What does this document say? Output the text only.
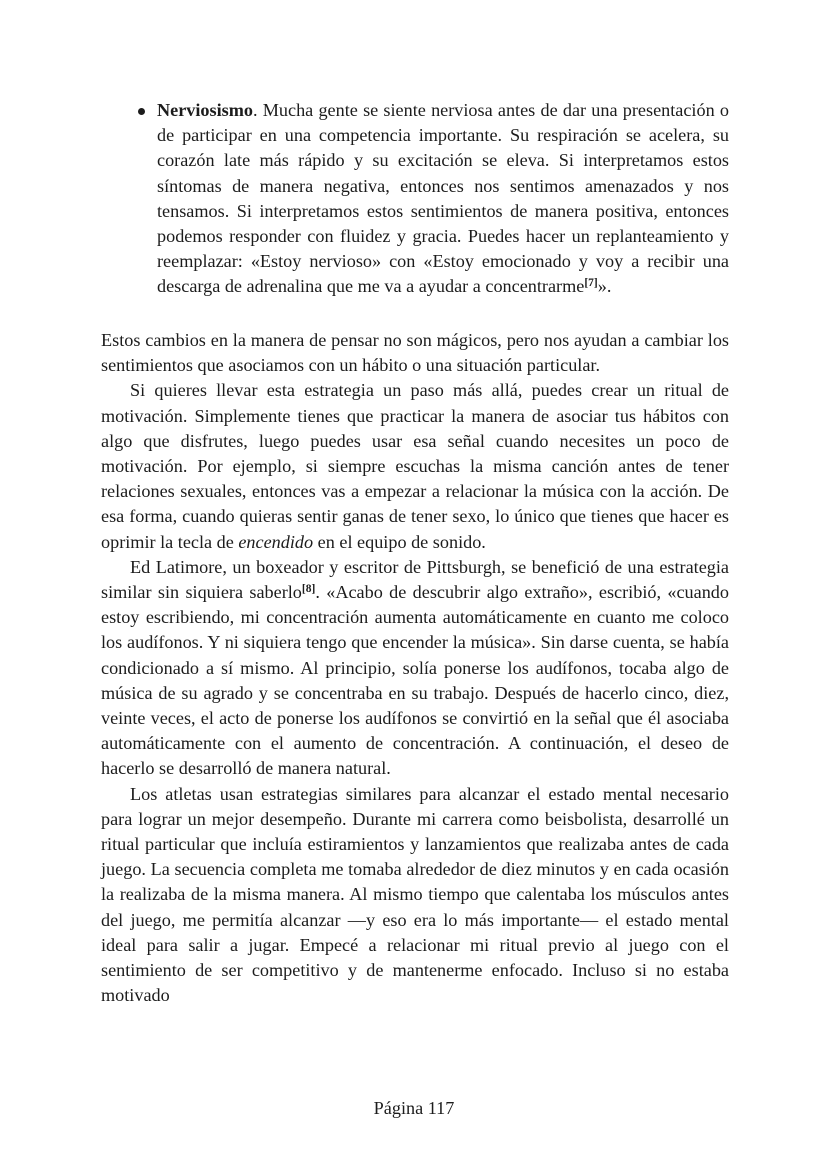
Nerviosismo. Mucha gente se siente nerviosa antes de dar una presentación o de participar en una competencia importante. Su respiración se acelera, su corazón late más rápido y su excitación se eleva. Si interpretamos estos síntomas de manera negativa, entonces nos sentimos amenazados y nos tensamos. Si interpretamos estos sentimientos de manera positiva, entonces podemos responder con fluidez y gracia. Puedes hacer un replanteamiento y reemplazar: «Estoy nervioso» con «Estoy emocionado y voy a recibir una descarga de adrenalina que me va a ayudar a concentrarme[7]».

Estos cambios en la manera de pensar no son mágicos, pero nos ayudan a cambiar los sentimientos que asociamos con un hábito o una situación particular.

Si quieres llevar esta estrategia un paso más allá, puedes crear un ritual de motivación. Simplemente tienes que practicar la manera de asociar tus hábitos con algo que disfrutes, luego puedes usar esa señal cuando necesites un poco de motivación. Por ejemplo, si siempre escuchas la misma canción antes de tener relaciones sexuales, entonces vas a empezar a relacionar la música con la acción. De esa forma, cuando quieras sentir ganas de tener sexo, lo único que tienes que hacer es oprimir la tecla de encendido en el equipo de sonido.

Ed Latimore, un boxeador y escritor de Pittsburgh, se benefició de una estrategia similar sin siquiera saberlo[8]. «Acabo de descubrir algo extraño», escribió, «cuando estoy escribiendo, mi concentración aumenta automáticamente en cuanto me coloco los audífonos. Y ni siquiera tengo que encender la música». Sin darse cuenta, se había condicionado a sí mismo. Al principio, solía ponerse los audífonos, tocaba algo de música de su agrado y se concentraba en su trabajo. Después de hacerlo cinco, diez, veinte veces, el acto de ponerse los audífonos se convirtió en la señal que él asociaba automáticamente con el aumento de concentración. A continuación, el deseo de hacerlo se desarrolló de manera natural.

Los atletas usan estrategias similares para alcanzar el estado mental necesario para lograr un mejor desempeño. Durante mi carrera como beisbolista, desarrollé un ritual particular que incluía estiramientos y lanzamientos que realizaba antes de cada juego. La secuencia completa me tomaba alrededor de diez minutos y en cada ocasión la realizaba de la misma manera. Al mismo tiempo que calentaba los músculos antes del juego, me permitía alcanzar —y eso era lo más importante— el estado mental ideal para salir a jugar. Empecé a relacionar mi ritual previo al juego con el sentimiento de ser competitivo y de mantenerme enfocado. Incluso si no estaba motivado

Página 117
